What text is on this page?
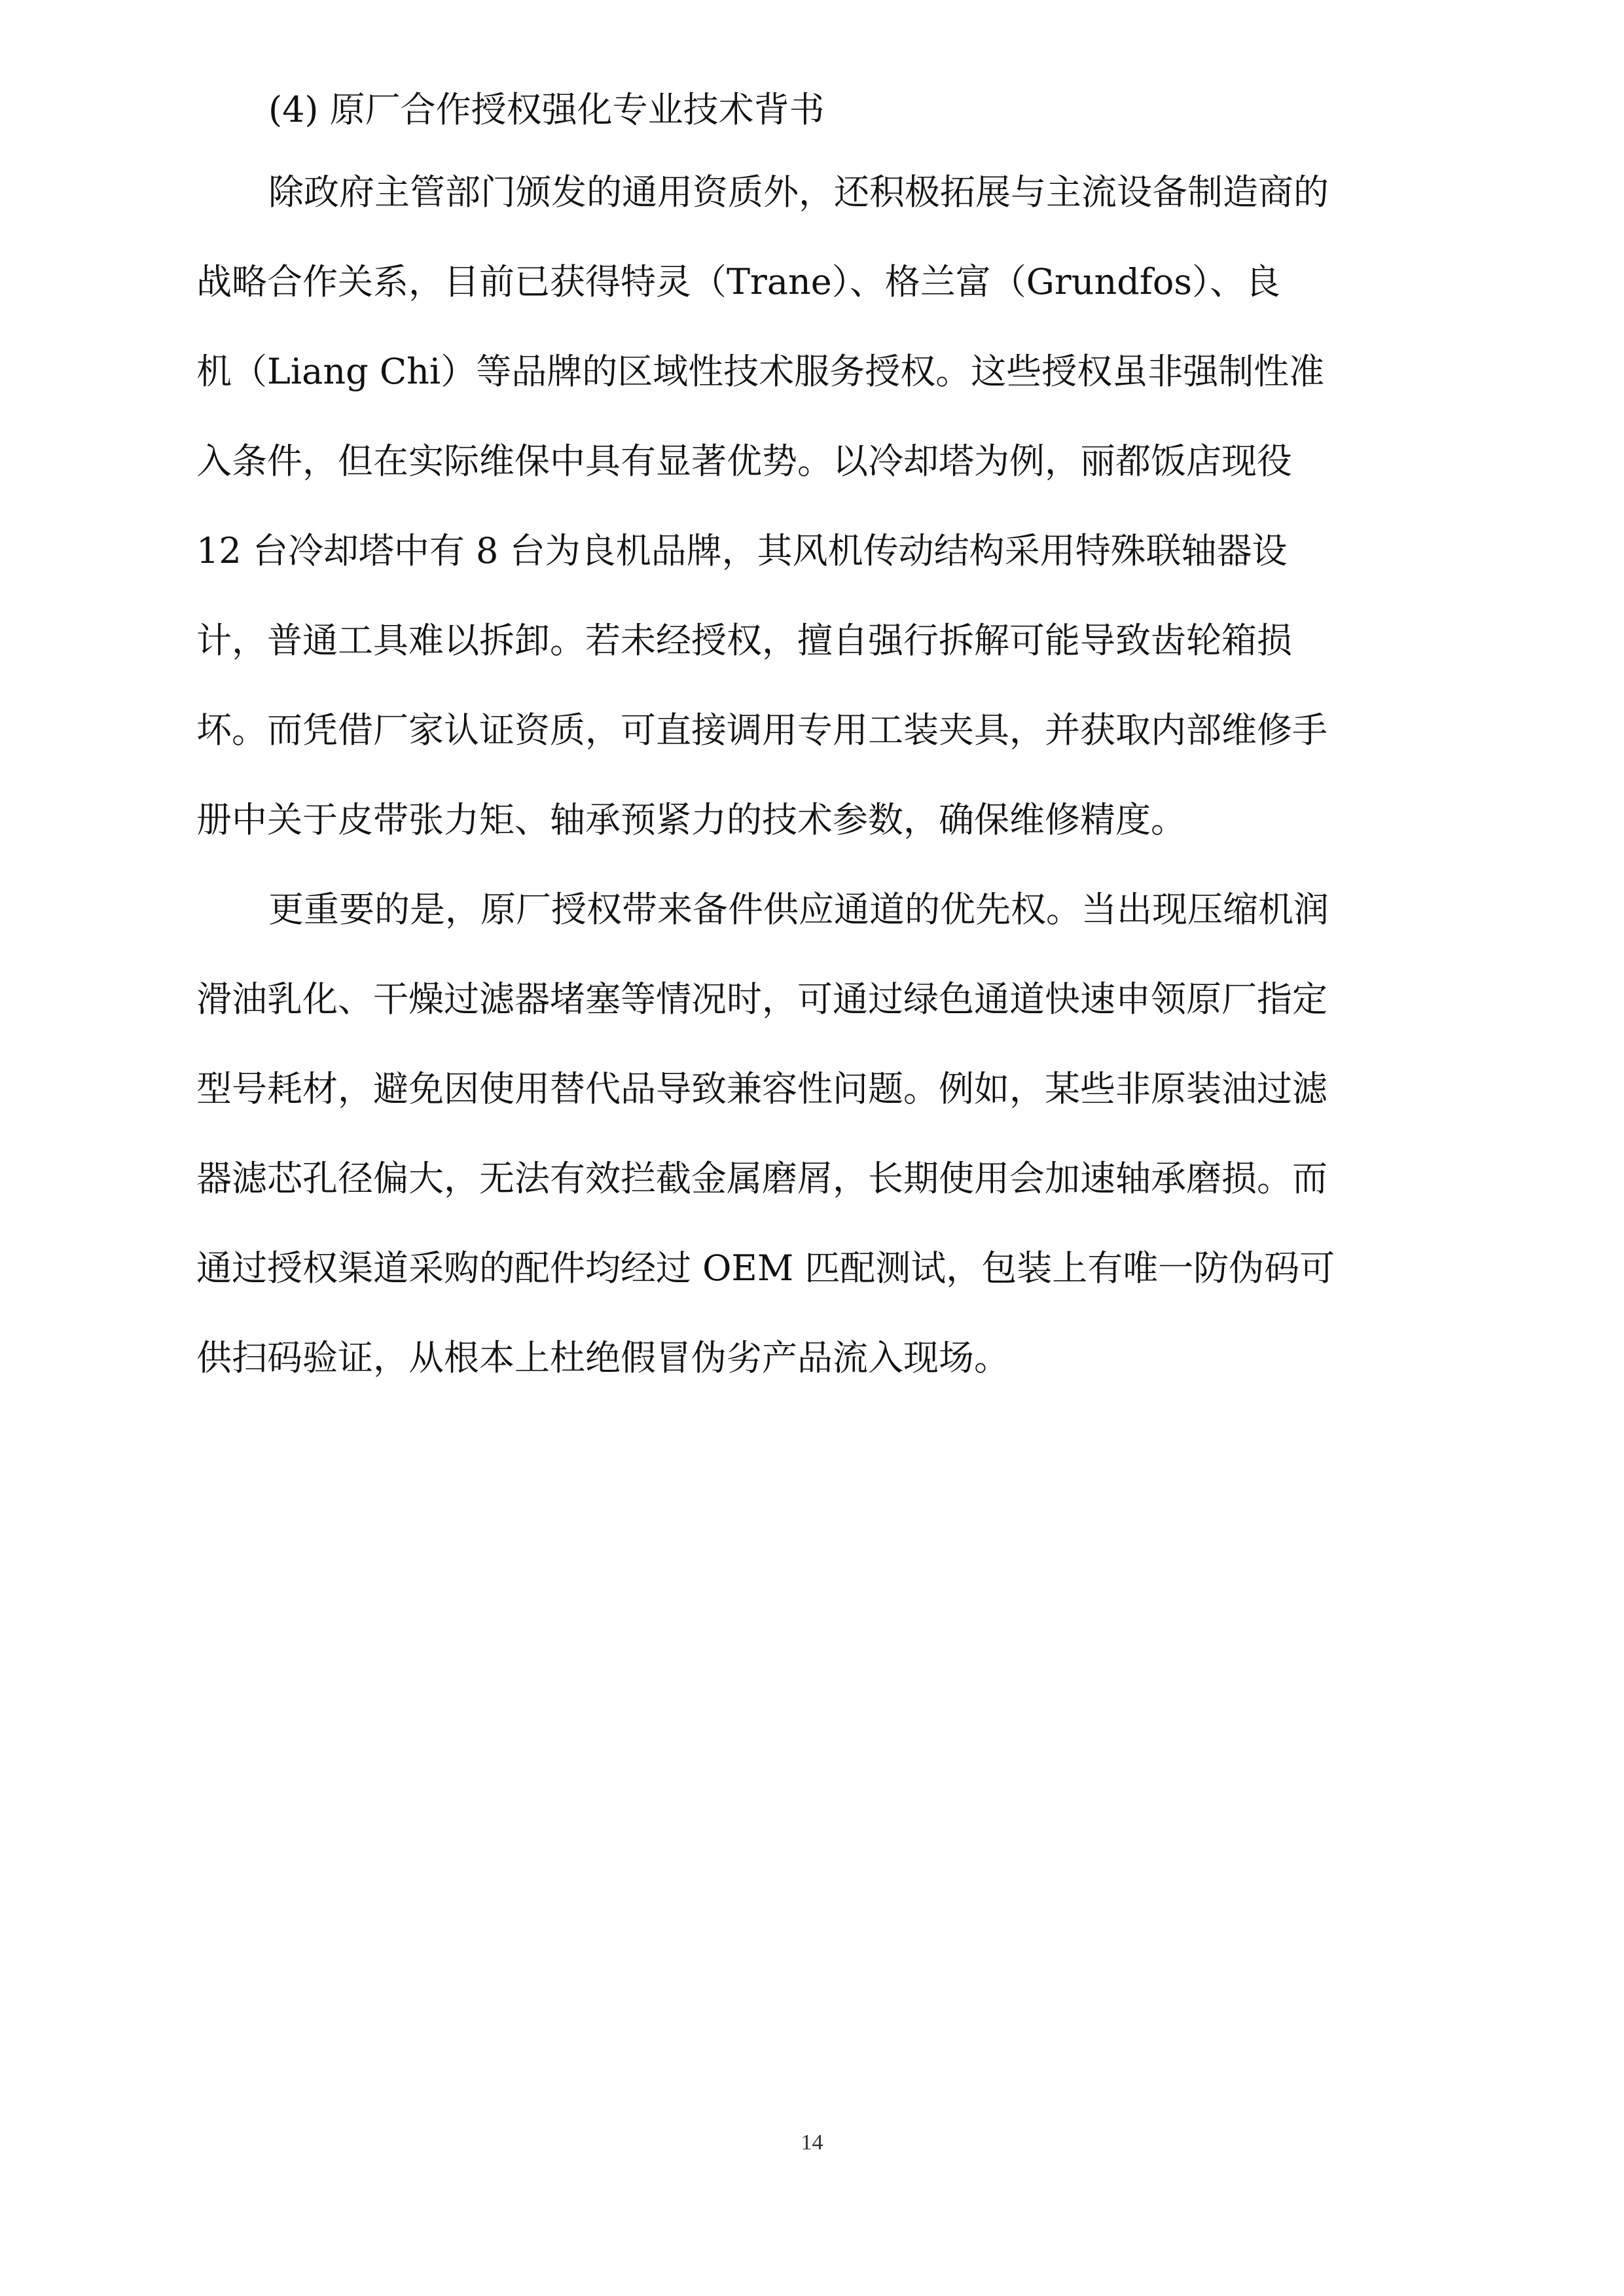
(4) 原厂合作授权强化专业技术背书

除政府主管部门颁发的通用资质外，还积极拓展与主流设备制造商的

战略合作关系，目前已获得特灵（Trane）、格兰富（Grundfos）、良

机（Liang Chi）等品牌的区域性技术服务授权。这些授权虽非强制性准

入条件，但在实际维保中具有显著优势。以冷却塔为例，丽都饭店现役

12 台冷却塔中有 8 台为良机品牌，其风机传动结构采用特殊联轴器设

计，普通工具难以拆卸。若未经授权，擅自强行拆解可能导致齿轮箱损

坏。而凭借厂家认证资质，可直接调用专用工装夹具，并获取内部维修手

册中关于皮带张力矩、轴承预紧力的技术参数，确保维修精度。

更重要的是，原厂授权带来备件供应通道的优先权。当出现压缩机润

滑油乳化、干燥过滤器堵塞等情况时，可通过绿色通道快速申领原厂指定

型号耗材，避免因使用替代品导致兼容性问题。例如，某些非原装油过滤

器滤芯孔径偏大，无法有效拦截金属磨屑，长期使用会加速轴承磨损。而

通过授权渠道采购的配件均经过 OEM 匹配测试，包装上有唯一防伪码可

供扫码验证，从根本上杜绝假冒伪劣产品流入现场。

14
